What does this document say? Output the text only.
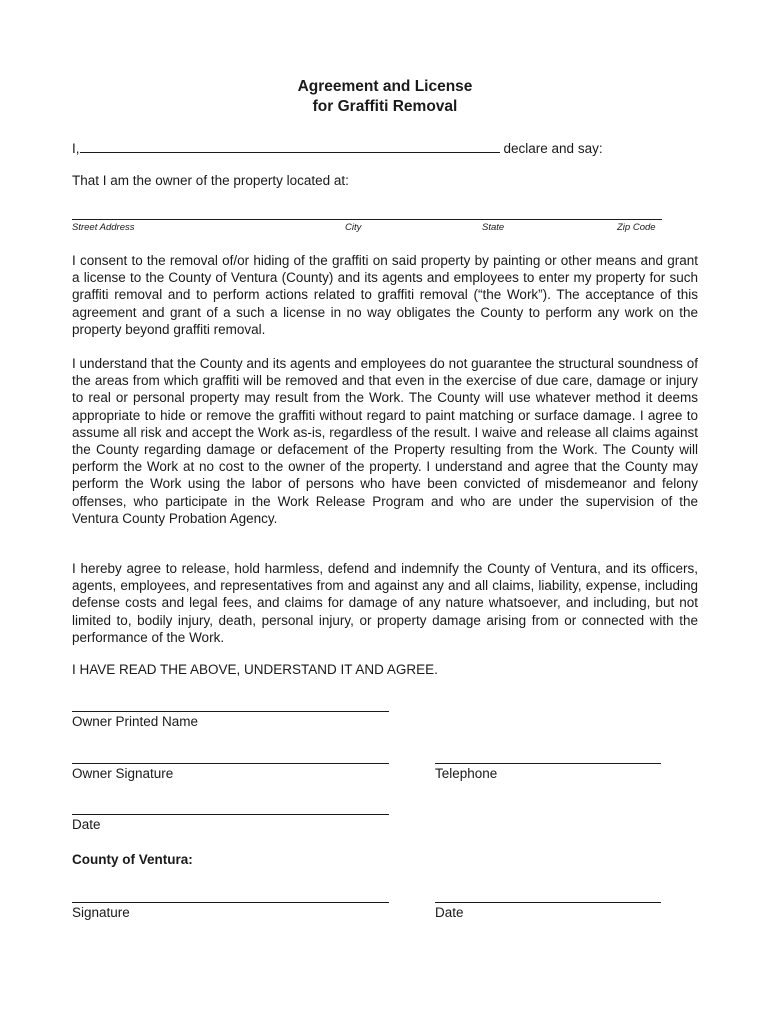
Agreement and License
for Graffiti Removal
I,	declare and say:
That I am the owner of the property located at:
Street Address	City	State	Zip Code
I consent to the removal of/or hiding of the graffiti on said property by painting or other means and grant a license to the County of Ventura (County) and its agents and employees to enter my property for such graffiti removal and to perform actions related to graffiti removal (“the Work”). The acceptance of this agreement and grant of a such a license in no way obligates the County to perform any work on the property beyond graffiti removal.
I understand that the County and its agents and employees do not guarantee the structural soundness of the areas from which graffiti will be removed and that even in the exercise of due care, damage or injury to real or personal property may result from the Work. The County will use whatever method it deems appropriate to hide or remove the graffiti without regard to paint matching or surface damage. I agree to assume all risk and accept the Work as-is, regardless of the result. I waive and release all claims against the County regarding damage or defacement of the Property resulting from the Work. The County will perform the Work at no cost to the owner of the property. I understand and agree that the County may perform the Work using the labor of persons who have been convicted of misdemeanor and felony offenses, who participate in the Work Release Program and who are under the supervision of the Ventura County Probation Agency.
I hereby agree to release, hold harmless, defend and indemnify the County of Ventura, and its officers, agents, employees, and representatives from and against any and all claims, liability, expense, including defense costs and legal fees, and claims for damage of any nature whatsoever, and including, but not limited to, bodily injury, death, personal injury, or property damage arising from or connected with the performance of the Work.
I HAVE READ THE ABOVE, UNDERSTAND IT AND AGREE.
Owner Printed Name
Owner Signature	Telephone
Date
County of Ventura:
Signature	Date
